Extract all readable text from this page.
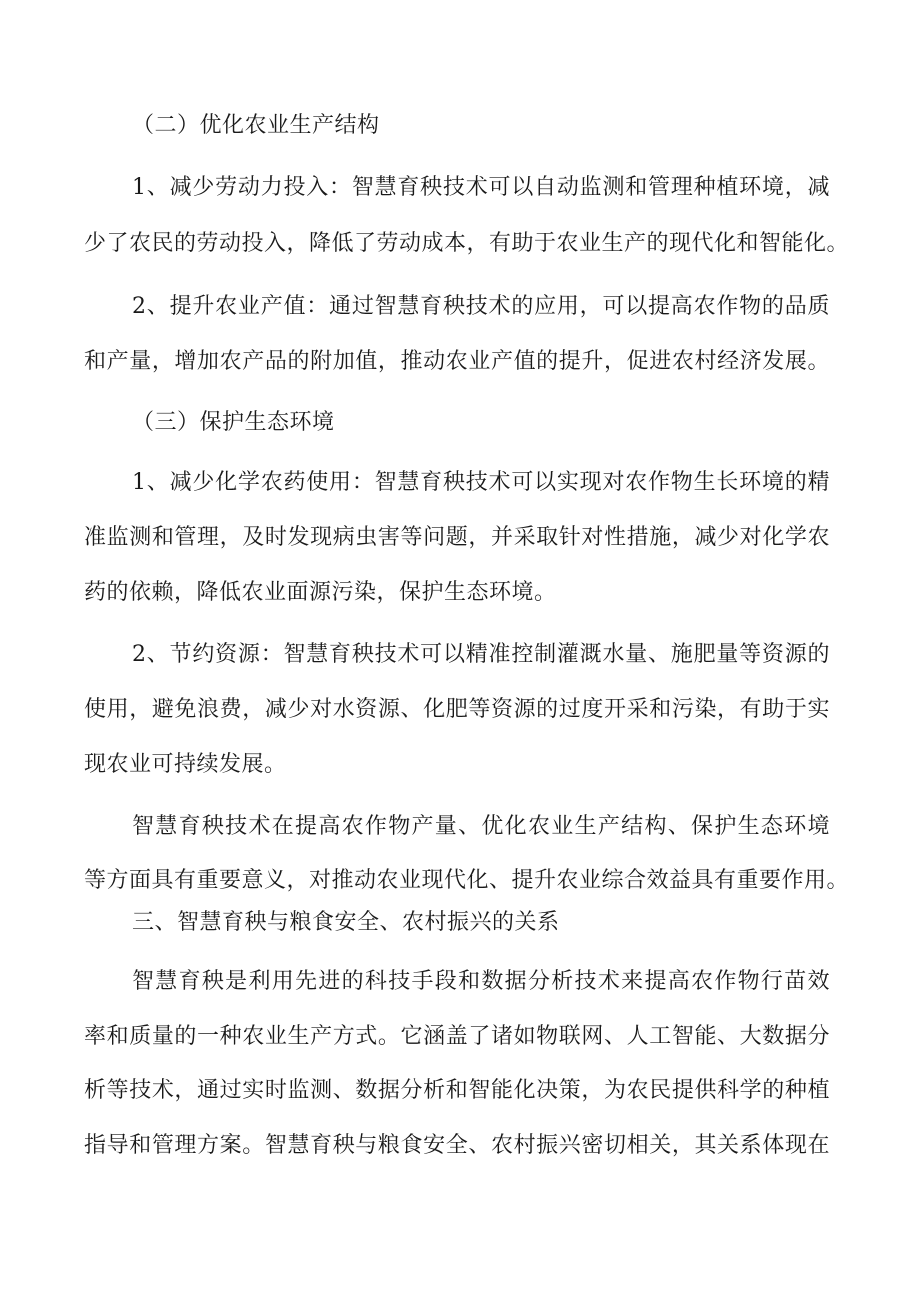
（二）优化农业生产结构
1、减少劳动力投入：智慧育秧技术可以自动监测和管理种植环境，减
少了农民的劳动投入，降低了劳动成本，有助于农业生产的现代化和智能化。
2、提升农业产值：通过智慧育秧技术的应用，可以提高农作物的品质
和产量，增加农产品的附加值，推动农业产值的提升，促进农村经济发展。
（三）保护生态环境
1、减少化学农药使用：智慧育秧技术可以实现对农作物生长环境的精
准监测和管理，及时发现病虫害等问题，并采取针对性措施，减少对化学农
药的依赖，降低农业面源污染，保护生态环境。
2、节约资源：智慧育秧技术可以精准控制灌溉水量、施肥量等资源的
使用，避免浪费，减少对水资源、化肥等资源的过度开采和污染，有助于实
现农业可持续发展。
智慧育秧技术在提高农作物产量、优化农业生产结构、保护生态环境
等方面具有重要意义，对推动农业现代化、提升农业综合效益具有重要作用。
三、智慧育秧与粮食安全、农村振兴的关系
智慧育秧是利用先进的科技手段和数据分析技术来提高农作物行苗效
率和质量的一种农业生产方式。它涵盖了诸如物联网、人工智能、大数据分
析等技术，通过实时监测、数据分析和智能化决策，为农民提供科学的种植
指导和管理方案。智慧育秧与粮食安全、农村振兴密切相关，其关系体现在
